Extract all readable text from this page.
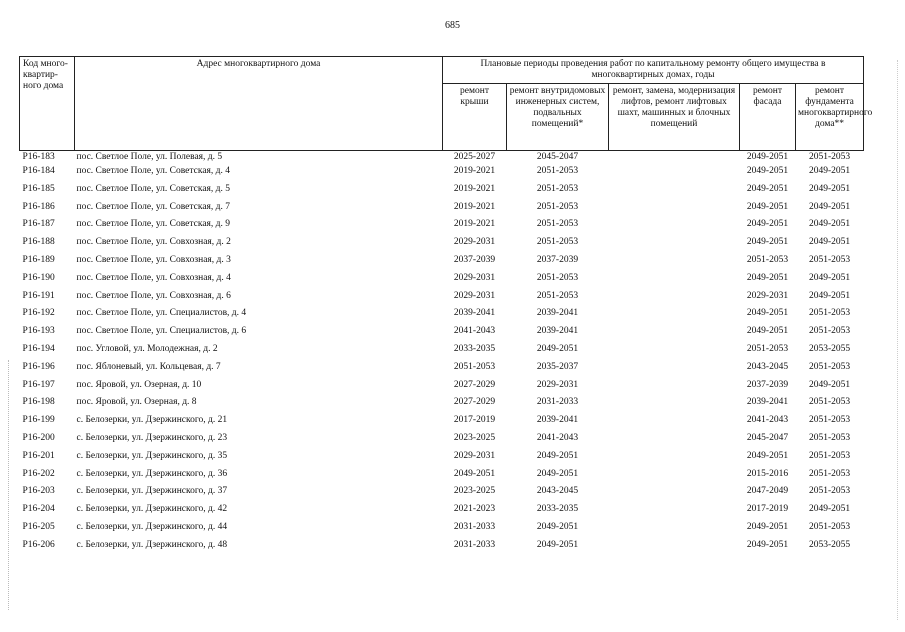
685
Код много-квартир-ного дома	Адрес многоквартирного дома	Плановые периоды проведения работ по капитальному ремонту общего имущества в многоквартирных домах, годы				
		ремонт крыши	ремонт внутридомовых инженерных систем, подвальных помещений*	ремонт, замена, модернизация лифтов, ремонт лифтовых шахт, машинных и блочных помещений	ремонт фасада	ремонт фундамента многоквартирного дома**
P16-183	пос. Светлое Поле, ул. Полевая, д. 5	2025-2027	2045-2047		2049-2051	2051-2053
P16-184	пос. Светлое Поле, ул. Советская, д. 4	2019-2021	2051-2053		2049-2051	2049-2051
P16-185	пос. Светлое Поле, ул. Советская, д. 5	2019-2021	2051-2053		2049-2051	2049-2051
P16-186	пос. Светлое Поле, ул. Советская, д. 7	2019-2021	2051-2053		2049-2051	2049-2051
P16-187	пос. Светлое Поле, ул. Советская, д. 9	2019-2021	2051-2053		2049-2051	2049-2051
P16-188	пос. Светлое Поле, ул. Совхозная, д. 2	2029-2031	2051-2053		2049-2051	2049-2051
P16-189	пос. Светлое Поле, ул. Совхозная, д. 3	2037-2039	2037-2039		2051-2053	2051-2053
P16-190	пос. Светлое Поле, ул. Совхозная, д. 4	2029-2031	2051-2053		2049-2051	2049-2051
P16-191	пос. Светлое Поле, ул. Совхозная, д. 6	2029-2031	2051-2053		2029-2031	2049-2051
P16-192	пос. Светлое Поле, ул. Специалистов, д. 4	2039-2041	2039-2041		2049-2051	2051-2053
P16-193	пос. Светлое Поле, ул. Специалистов, д. 6	2041-2043	2039-2041		2049-2051	2051-2053
P16-194	пос. Угловой, ул. Молодежная, д. 2	2033-2035	2049-2051		2051-2053	2053-2055
P16-196	пос. Яблоневый, ул. Кольцевая, д. 7	2051-2053	2035-2037		2043-2045	2051-2053
P16-197	пос. Яровой, ул. Озерная, д. 10	2027-2029	2029-2031		2037-2039	2049-2051
P16-198	пос. Яровой, ул. Озерная, д. 8	2027-2029	2031-2033		2039-2041	2051-2053
P16-199	с. Белозерки, ул. Дзержинского, д. 21	2017-2019	2039-2041		2041-2043	2051-2053
P16-200	с. Белозерки, ул. Дзержинского, д. 23	2023-2025	2041-2043		2045-2047	2051-2053
P16-201	с. Белозерки, ул. Дзержинского, д. 35	2029-2031	2049-2051		2049-2051	2051-2053
P16-202	с. Белозерки, ул. Дзержинского, д. 36	2049-2051	2049-2051		2015-2016	2051-2053
P16-203	с. Белозерки, ул. Дзержинского, д. 37	2023-2025	2043-2045		2047-2049	2051-2053
P16-204	с. Белозерки, ул. Дзержинского, д. 42	2021-2023	2033-2035		2017-2019	2049-2051
P16-205	с. Белозерки, ул. Дзержинского, д. 44	2031-2033	2049-2051		2049-2051	2051-2053
P16-206	с. Белозерки, ул. Дзержинского, д. 48	2031-2033	2049-2051		2049-2051	2053-2055
